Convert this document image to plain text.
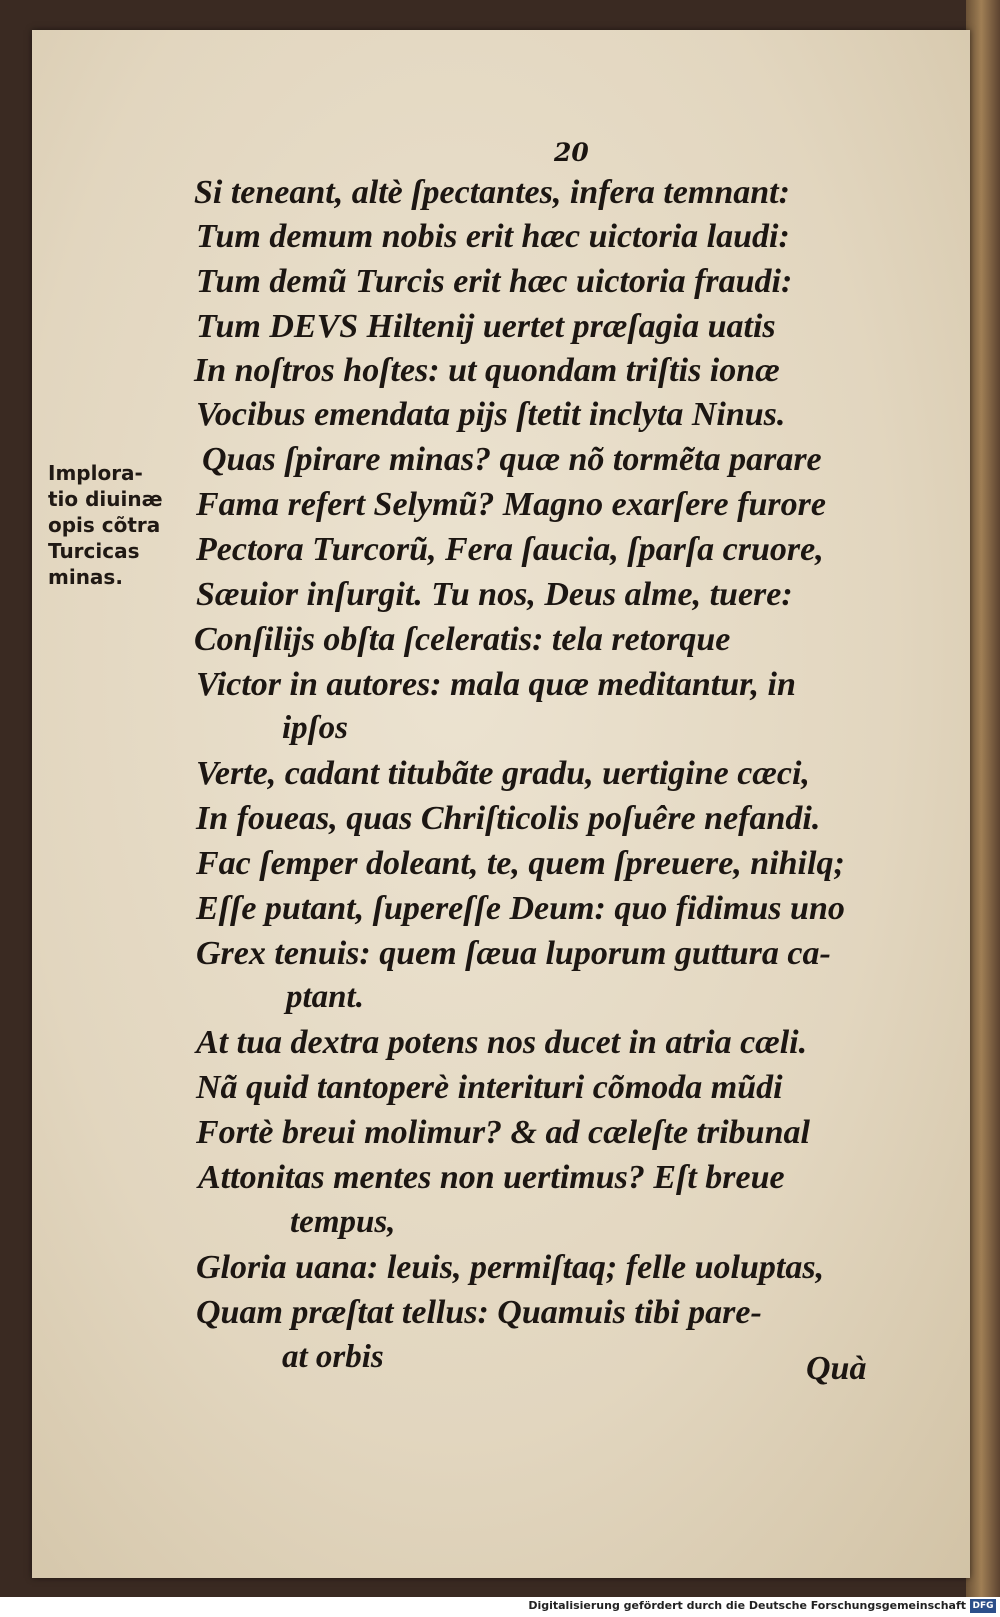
20
Si teneant, altè ſpectantes, infera temnant:
Tum demum nobis erit hæc uictoria laudi:
Tum demũ Turcis erit hæc uictoria fraudi:
Tum DEVS Hiltenij uertet præſagia uatis
In noſtros hoſtes: ut quondam triſtis ionæ
Vocibus emendata pijs ſtetit inclyta Ninus.
Quas ſpirare minas? quæ nõ tormẽta parare
Fama refert Selymũ? Magno exarſere furore
Pectora Turcorũ, Fera ſaucia, ſparſa cruore,
Sæuior inſurgit. Tu nos, Deus alme, tuere:
Conſilijs obſta ſceleratis: tela retorque
Victor in autores: mala quæ meditantur, in
ipſos
Verte, cadant titubãte gradu, uertigine cæci,
In foueas, quas Chriſticolis poſuêre nefandi.
Fac ſemper doleant, te, quem ſpreuere, nihilq;
Eſſe putant, ſupereſſe Deum: quo fidimus uno
Grex tenuis: quem ſæua luporum guttura ca-
ptant.
At tua dextra potens nos ducet in atria cæli.
Nã quid tantoperè interituri cõmoda mũdi
Fortè breui molimur? & ad cæleſte tribunal
Attonitas mentes non uertimus? Eſt breue
tempus,
Gloria uana: leuis, permiſtaq; felle uoluptas,
Quam præſtat tellus: Quamuis tibi pare-
at orbis
Implora-
tio diuinæ
opis cõtra
Turcicas
minas.
Quà
Digitalisierung gefördert durch die Deutsche Forschungsgemeinschaft DFG
